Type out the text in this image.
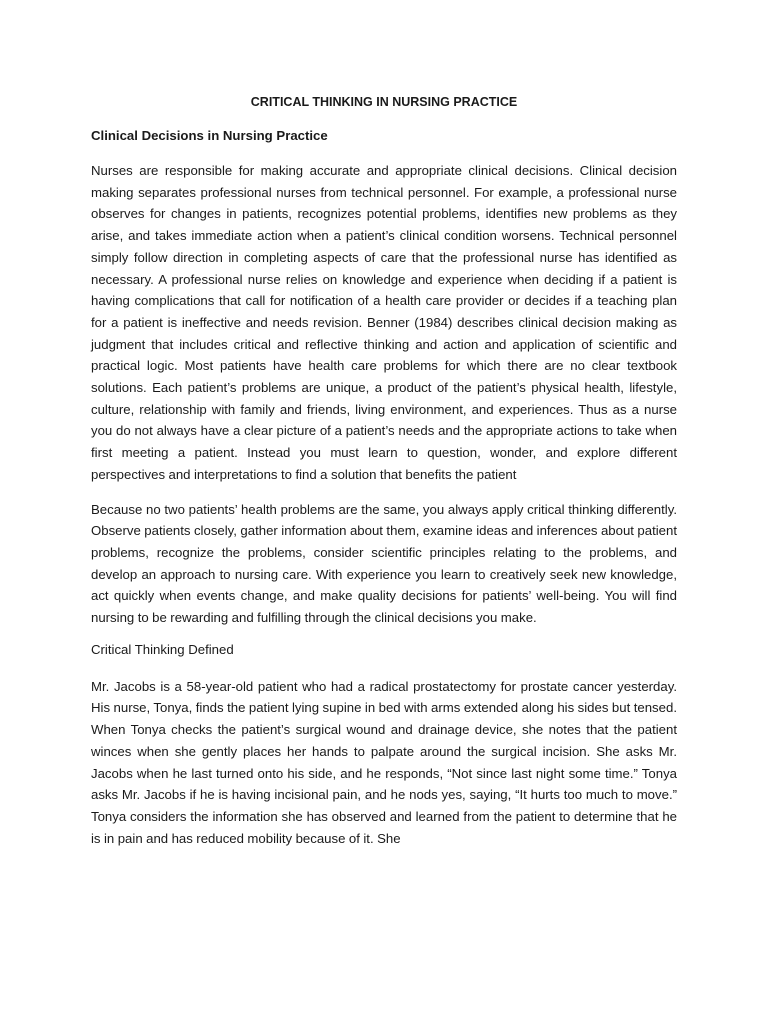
CRITICAL THINKING IN NURSING PRACTICE
Clinical Decisions in Nursing Practice

Nurses are responsible for making accurate and appropriate clinical decisions. Clinical decision making separates professional nurses from technical personnel. For example, a professional nurse observes for changes in patients, recognizes potential problems, identifies new problems as they arise, and takes immediate action when a patient’s clinical condition worsens. Technical personnel simply follow direction in completing aspects of care that the professional nurse has identified as necessary. A professional nurse relies on knowledge and experience when deciding if a patient is having complications that call for notification of a health care provider or decides if a teaching plan for a patient is ineffective and needs revision. Benner (1984) describes clinical decision making as judgment that includes critical and reflective thinking and action and application of scientific and practical logic. Most patients have health care problems for which there are no clear textbook solutions. Each patient’s problems are unique, a product of the patient’s physical health, lifestyle, culture, relationship with family and friends, living environment, and experiences. Thus as a nurse you do not always have a clear picture of a patient’s needs and the appropriate actions to take when first meeting a patient. Instead you must learn to question, wonder, and explore different perspectives and interpretations to find a solution that benefits the patient

Because no two patients’ health problems are the same, you always apply critical thinking differently. Observe patients closely, gather information about them, examine ideas and inferences about patient problems, recognize the problems, consider scientific principles relating to the problems, and develop an approach to nursing care. With experience you learn to creatively seek new knowledge, act quickly when events change, and make quality decisions for patients’ well-being. You will find nursing to be rewarding and fulfilling through the clinical decisions you make.

Critical Thinking Defined

Mr. Jacobs is a 58-year-old patient who had a radical prostatectomy for prostate cancer yesterday. His nurse, Tonya, finds the patient lying supine in bed with arms extended along his sides but tensed. When Tonya checks the patient’s surgical wound and drainage device, she notes that the patient winces when she gently places her hands to palpate around the surgical incision. She asks Mr. Jacobs when he last turned onto his side, and he responds, “Not since last night some time.” Tonya asks Mr. Jacobs if he is having incisional pain, and he nods yes, saying, “It hurts too much to move.” Tonya considers the information she has observed and learned from the patient to determine that he is in pain and has reduced mobility because of it. She
